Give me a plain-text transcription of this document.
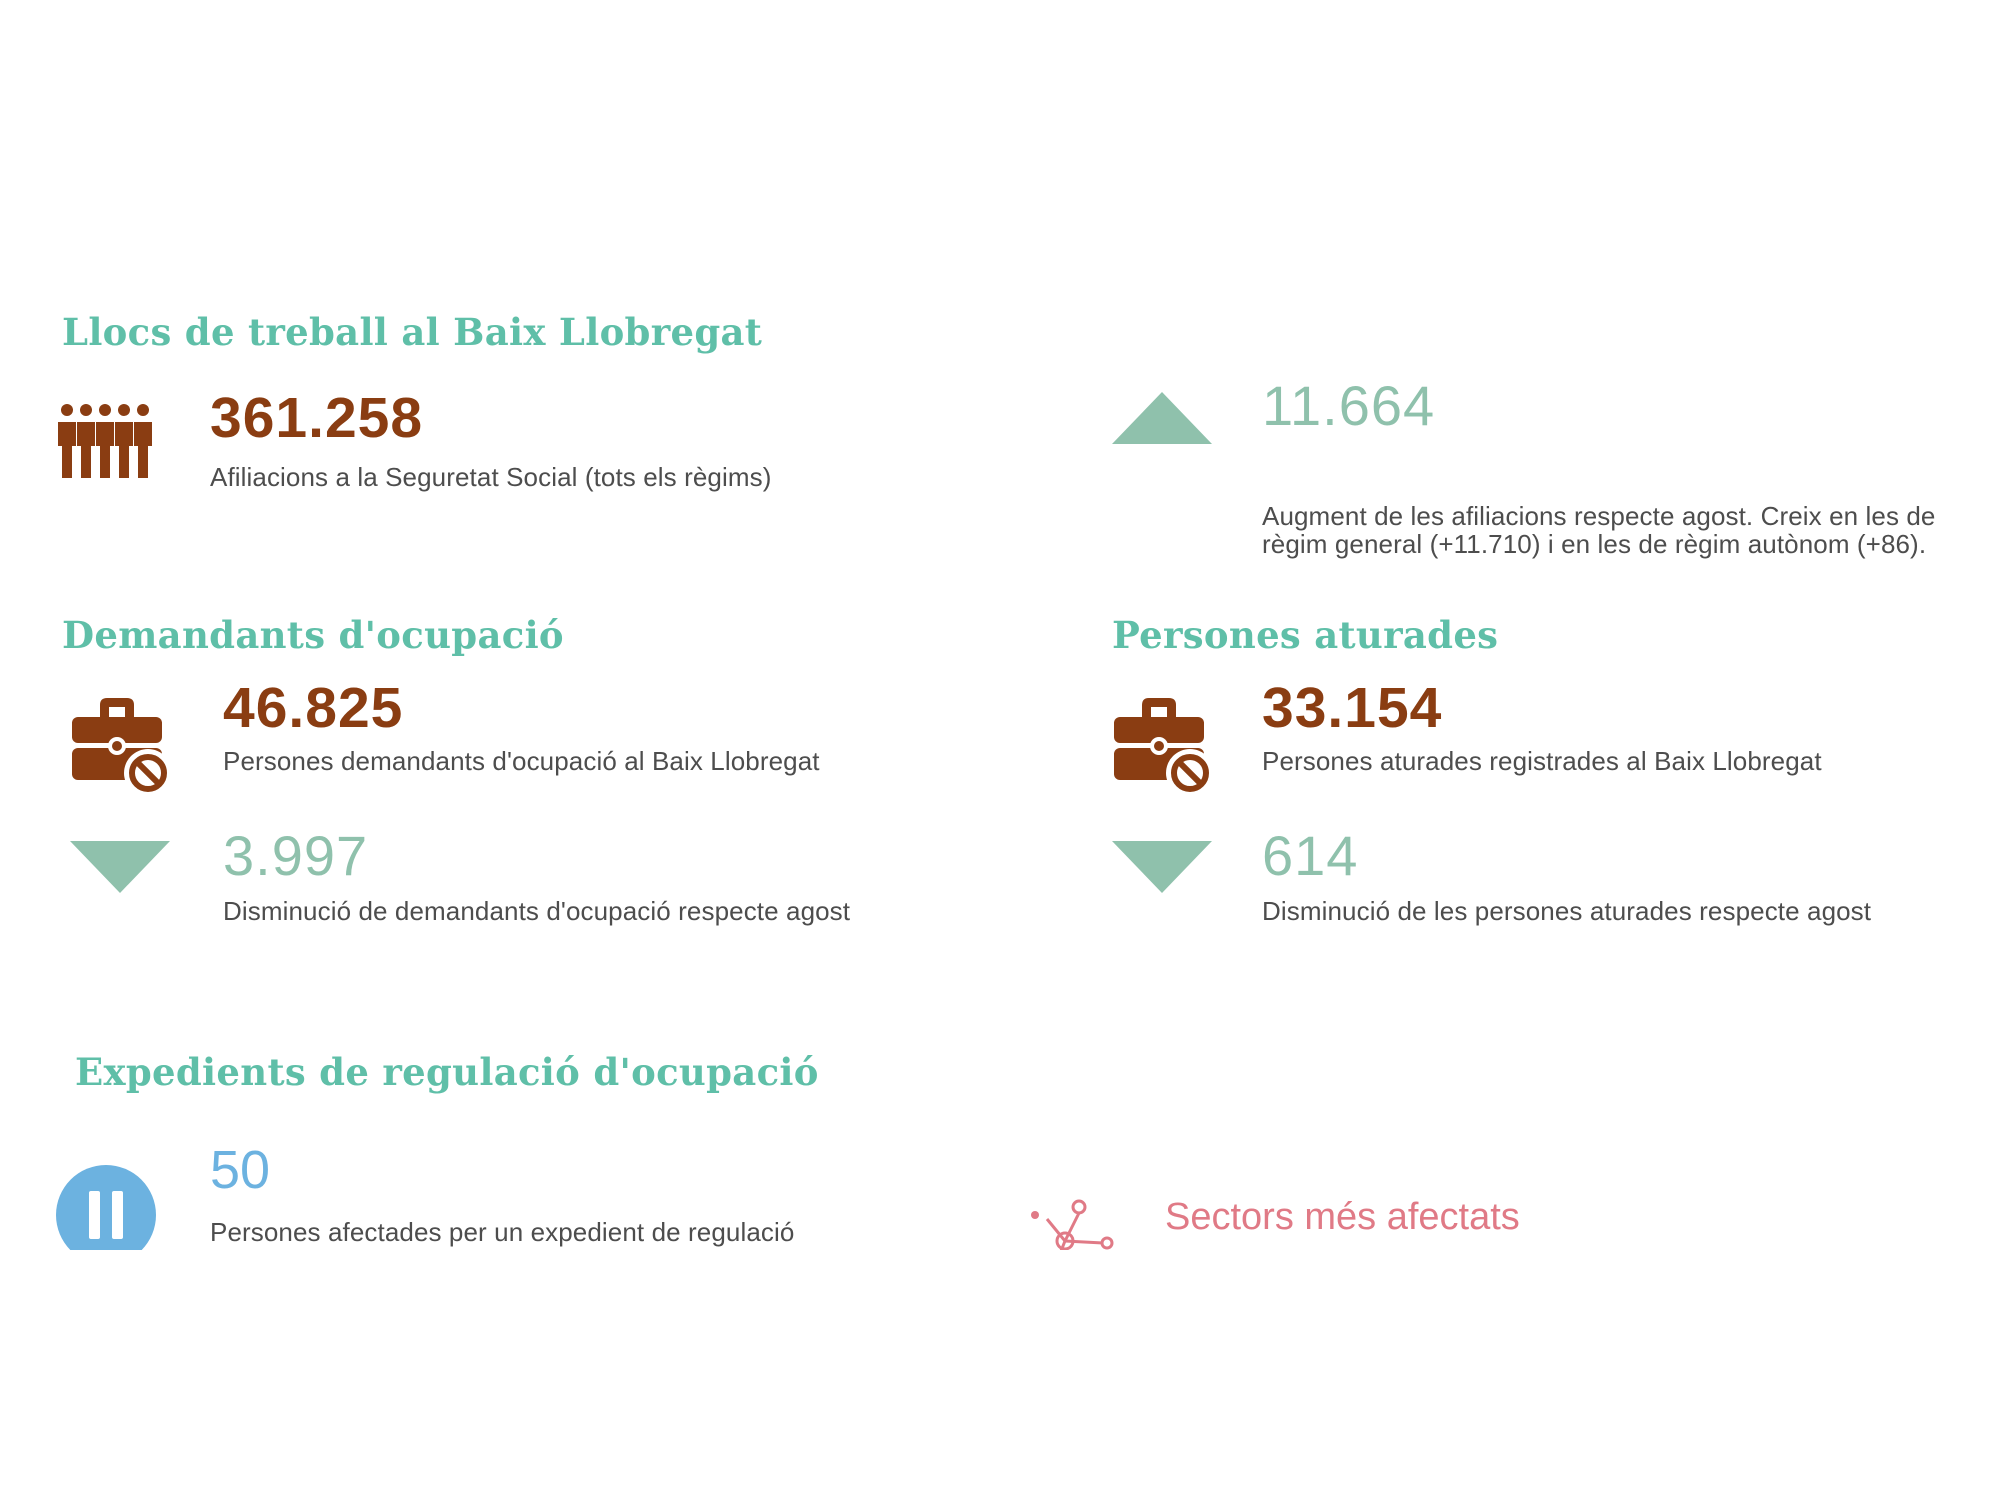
Llocs de treball al Baix Llobregat
361.258
Afiliacions a la Seguretat Social (tots els règims)
11.664
Augment de les afiliacions respecte agost. Creix en les de règim general (+11.710) i en les de règim autònom (+86).
Demandants d'ocupació
46.825
Persones demandants d'ocupació al Baix Llobregat
3.997
Disminució de demandants d'ocupació respecte agost
Persones aturades
33.154
Persones aturades registrades al Baix Llobregat
614
Disminució de les persones aturades respecte agost
Expedients de regulació d'ocupació
50
Persones afectades per un expedient de regulació	Sectors més afectats
